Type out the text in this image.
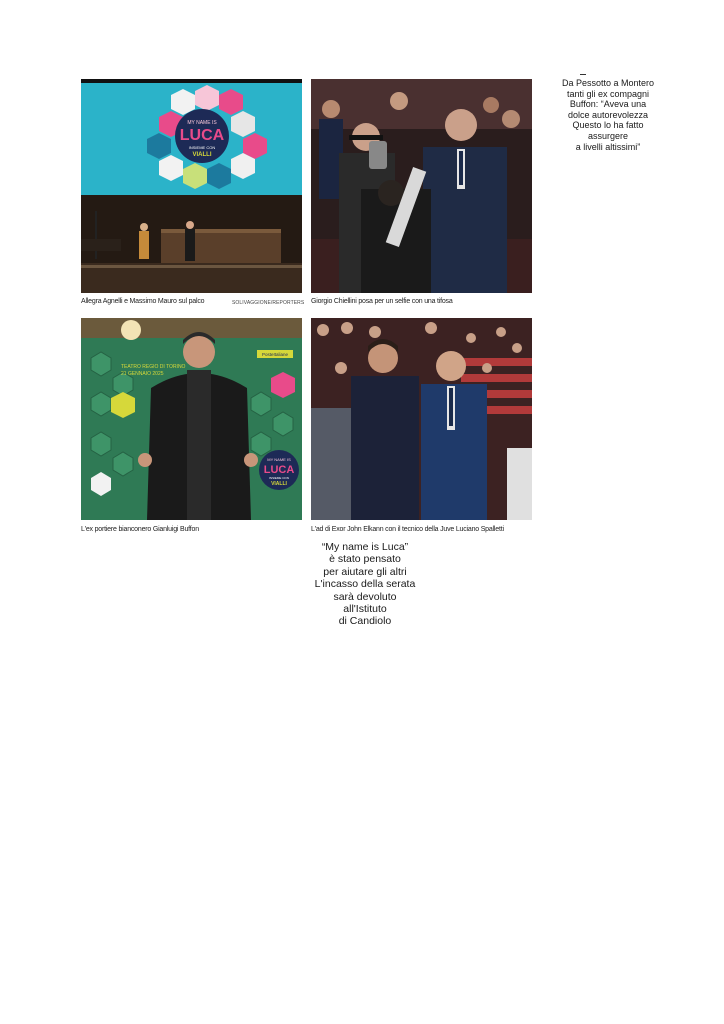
MY NAME IS
LUCA
INSIEME CON
VIALLI
Allegra Agnelli e Massimo Mauro sul palco	SOLIVAGGIONE/REPORTERS Giorgio Chiellini posa per un selfie con una tifosa
TEATRO REGIO DI TORINO
21 GENNAIO 2025
PosteItaliane
MY NAME IS
LUCA
INSIEME CON
VIALLI
L'ex portiere bianconero Gianluigi Buffon	L'ad di Exor John Elkann con il tecnico della Juve Luciano Spalletti
Da Pessotto a Montero
tanti gli ex compagni
Buffon: “Aveva una
dolce autorevolezza
Questo lo ha fatto
assurgere
a livelli altissimi”
“My name is Luca”
è stato pensato
per aiutare gli altri
L'incasso della serata
sarà devoluto
all'Istituto
di Candiolo
